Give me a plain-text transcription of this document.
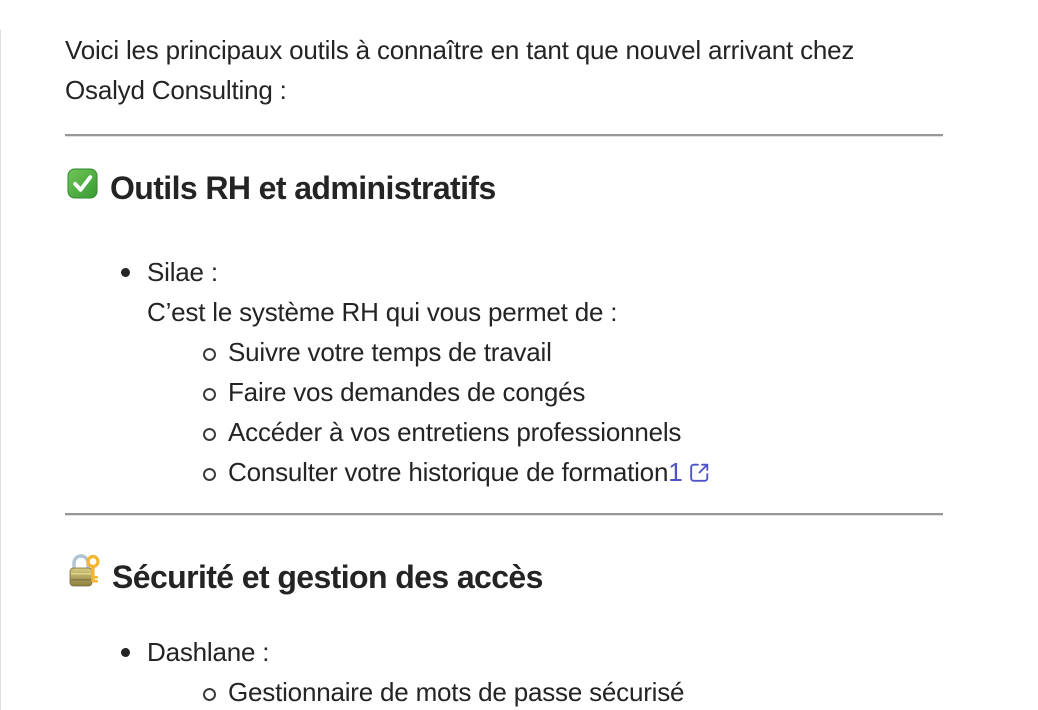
Voici les principaux outils à connaître en tant que nouvel arrivant chez
Osalyd Consulting :

Outils RH et administratifs
Silae :
C’est le système RH qui vous permet de :
Suivre votre temps de travail
Faire vos demandes de congés
Accéder à vos entretiens professionnels
Consulter votre historique de formation1
Sécurité et gestion des accès
Dashlane :
Gestionnaire de mots de passe sécurisé
